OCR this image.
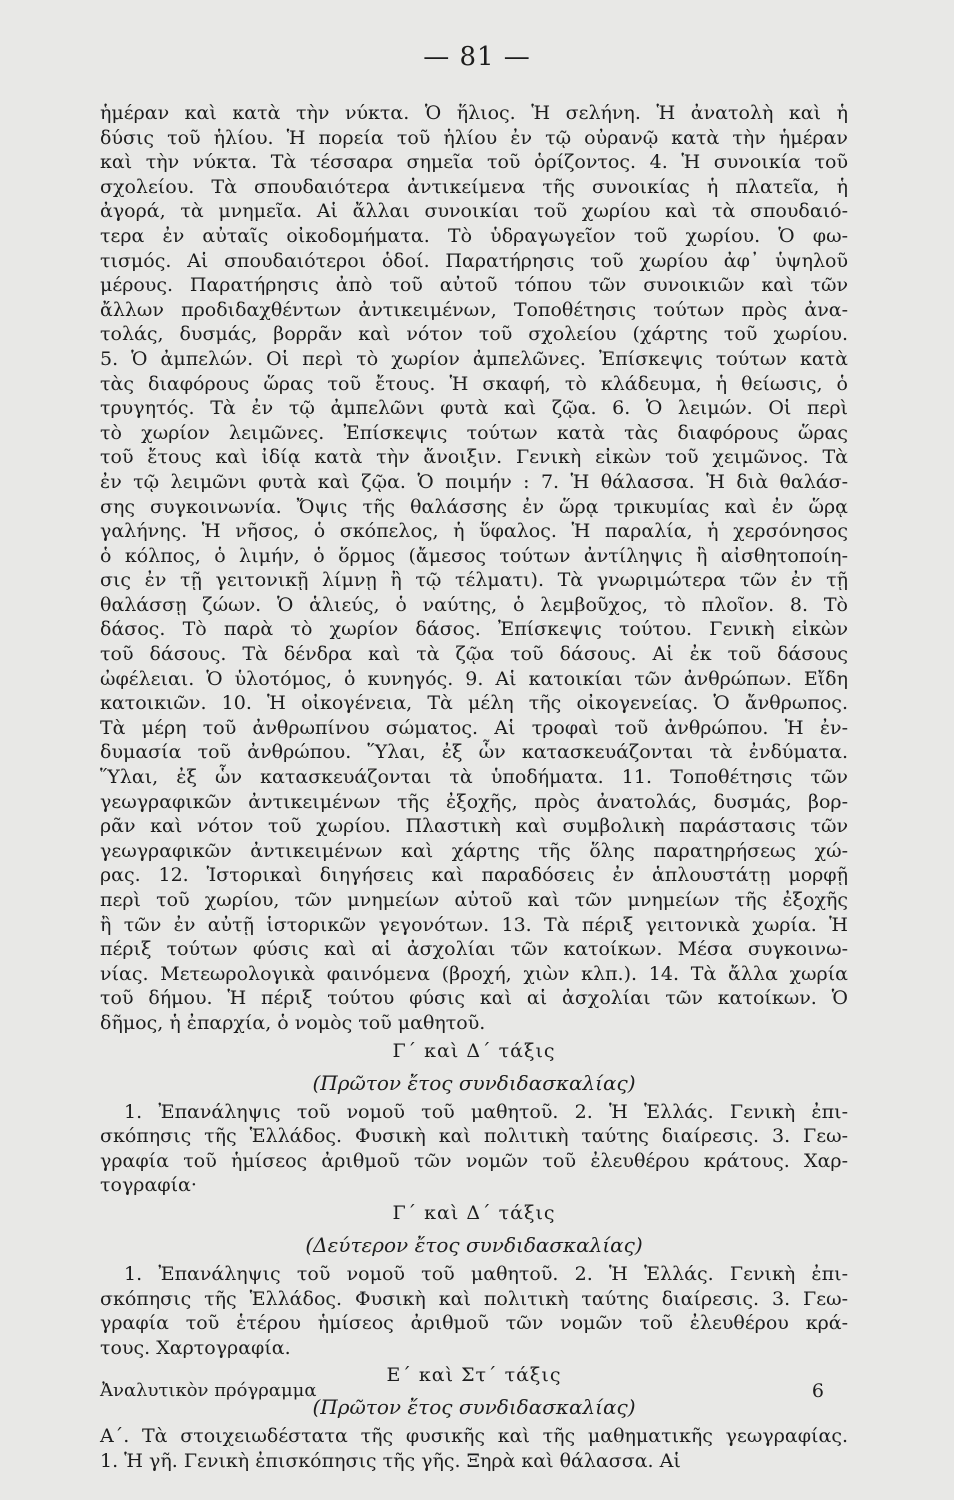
— 81 —
ἡμέραν καὶ κατὰ τὴν νύκτα. Ὁ ἥλιος. Ἡ σελήνη. Ἡ ἀνατολὴ καὶ ἡ
δύσις τοῦ ἡλίου. Ἡ πορεία τοῦ ἡλίου ἐν τῷ οὐρανῷ κατὰ τὴν ἡμέραν
καὶ τὴν νύκτα. Τὰ τέσσαρα σημεῖα τοῦ ὁρίζοντος. 4. Ἡ συνοικία τοῦ
σχολείου. Τὰ σπουδαιότερα ἀντικείμενα τῆς συνοικίας ἡ πλατεῖα, ἡ
ἀγορά, τὰ μνημεῖα. Αἱ ἄλλαι συνοικίαι τοῦ χωρίου καὶ τὰ σπουδαιό-
τερα ἐν αὐταῖς οἰκοδομήματα. Τὸ ὑδραγωγεῖον τοῦ χωρίου. Ὁ φω-
τισμός. Αἱ σπουδαιότεροι ὁδοί. Παρατήρησις τοῦ χωρίου ἀφ᾽ ὑψηλοῦ
μέρους. Παρατήρησις ἀπὸ τοῦ αὐτοῦ τόπου τῶν συνοικιῶν καὶ τῶν
ἄλλων προδιδαχθέντων ἀντικειμένων, Τοποθέτησις τούτων πρὸς ἀνα-
τολάς, δυσμάς, βορρᾶν καὶ νότον τοῦ σχολείου (χάρτης τοῦ χωρίου.
5. Ὁ ἀμπελών. Οἱ περὶ τὸ χωρίον ἀμπελῶνες. Ἐπίσκεψις τούτων κατὰ
τὰς διαφόρους ὥρας τοῦ ἔτους. Ἡ σκαφή, τὸ κλάδευμα, ἡ θείωσις, ὁ
τρυγητός. Τὰ ἐν τῷ ἀμπελῶνι φυτὰ καὶ ζῷα. 6. Ὁ λειμών. Οἱ περὶ
τὸ χωρίον λειμῶνες. Ἐπίσκεψις τούτων κατὰ τὰς διαφόρους ὥρας
τοῦ ἔτους καὶ ἰδίᾳ κατὰ τὴν ἄνοιξιν. Γενικὴ εἰκὼν τοῦ χειμῶνος. Τὰ
ἐν τῷ λειμῶνι φυτὰ καὶ ζῷα. Ὁ ποιμήν : 7. Ἡ θάλασσα. Ἡ διὰ θαλάσ-
σης συγκοινωνία. Ὄψις τῆς θαλάσσης ἐν ὥρᾳ τρικυμίας καὶ ἐν ὥρᾳ
γαλήνης. Ἡ νῆσος, ὁ σκόπελος, ἡ ὕφαλος. Ἡ παραλία, ἡ χερσόνησος
ὁ κόλπος, ὁ λιμήν, ὁ ὅρμος (ἄμεσος τούτων ἀντίληψις ἢ αἰσθητοποίη-
σις ἐν τῇ γειτονικῇ λίμνῃ ἢ τῷ τέλματι). Τὰ γνωριμώτερα τῶν ἐν τῇ
θαλάσσῃ ζώων. Ὁ ἁλιεύς, ὁ ναύτης, ὁ λεμβοῦχος, τὸ πλοῖον. 8. Τὸ
δάσος. Τὸ παρὰ τὸ χωρίον δάσος. Ἐπίσκεψις τούτου. Γενικὴ εἰκὼν
τοῦ δάσους. Τὰ δένδρα καὶ τὰ ζῷα τοῦ δάσους. Αἱ ἐκ τοῦ δάσους
ὠφέλειαι. Ὁ ὑλοτόμος, ὁ κυνηγός. 9. Αἱ κατοικίαι τῶν ἀνθρώπων. Εἴδη
κατοικιῶν. 10. Ἡ οἰκογένεια, Τὰ μέλη τῆς οἰκογενείας. Ὁ ἄνθρωπος.
Τὰ μέρη τοῦ ἀνθρωπίνου σώματος. Αἱ τροφαὶ τοῦ ἀνθρώπου. Ἡ ἐν-
δυμασία τοῦ ἀνθρώπου. Ὕλαι, ἐξ ὧν κατασκευάζονται τὰ ἐνδύματα.
Ὕλαι, ἐξ ὧν κατασκευάζονται τὰ ὑποδήματα. 11. Τοποθέτησις τῶν
γεωγραφικῶν ἀντικειμένων τῆς ἐξοχῆς, πρὸς ἀνατολάς, δυσμάς, βορ-
ρᾶν καὶ νότον τοῦ χωρίου. Πλαστικὴ καὶ συμβολικὴ παράστασις τῶν
γεωγραφικῶν ἀντικειμένων καὶ χάρτης τῆς ὅλης παρατηρήσεως χώ-
ρας. 12. Ἱστορικαὶ διηγήσεις καὶ παραδόσεις ἐν ἁπλουστάτῃ μορφῇ
περὶ τοῦ χωρίου, τῶν μνημείων αὐτοῦ καὶ τῶν μνημείων τῆς ἐξοχῆς
ἢ τῶν ἐν αὐτῇ ἱστορικῶν γεγονότων. 13. Τὰ πέριξ γειτονικὰ χωρία. Ἡ
πέριξ τούτων φύσις καὶ αἱ ἀσχολίαι τῶν κατοίκων. Μέσα συγκοινω-
νίας. Μετεωρολογικὰ φαινόμενα (βροχή, χιὼν κλπ.). 14. Τὰ ἄλλα χωρία
τοῦ δήμου. Ἡ πέριξ τούτου φύσις καὶ αἱ ἀσχολίαι τῶν κατοίκων. Ὁ
δῆμος, ἡ ἐπαρχία, ὁ νομὸς τοῦ μαθητοῦ.
Γ΄ καὶ Δ΄ τάξις
(Πρῶτον ἔτος συνδιδασκαλίας)
1. Ἐπανάληψις τοῦ νομοῦ τοῦ μαθητοῦ. 2. Ἡ Ἑλλάς. Γενικὴ ἐπι-
σκόπησις τῆς Ἑλλάδος. Φυσικὴ καὶ πολιτικὴ ταύτης διαίρεσις. 3. Γεω-
γραφία τοῦ ἡμίσεος ἀριθμοῦ τῶν νομῶν τοῦ ἐλευθέρου κράτους. Χαρ-
τογραφία·
Γ΄ καὶ Δ΄ τάξις
(Δεύτερον ἔτος συνδιδασκαλίας)
1. Ἐπανάληψις τοῦ νομοῦ τοῦ μαθητοῦ. 2. Ἡ Ἑλλάς. Γενικὴ ἐπι-
σκόπησις τῆς Ἑλλάδος. Φυσικὴ καὶ πολιτικὴ ταύτης διαίρεσις. 3. Γεω-
γραφία τοῦ ἑτέρου ἡμίσεος ἀριθμοῦ τῶν νομῶν τοῦ ἐλευθέρου κρά-
τους. Χαρτογραφία.
Ε΄ καὶ Στ΄ τάξις
(Πρῶτον ἔτος συνδιδασκαλίας)
Α΄. Τὰ στοιχειωδέστατα τῆς φυσικῆς καὶ τῆς μαθηματικῆς γεωγραφίας.
1. Ἡ γῆ. Γενικὴ ἐπισκόπησις τῆς γῆς. Ξηρὰ καὶ θάλασσα. Αἱ
Ἀναλυτικὸν πρόγραμμα	6
